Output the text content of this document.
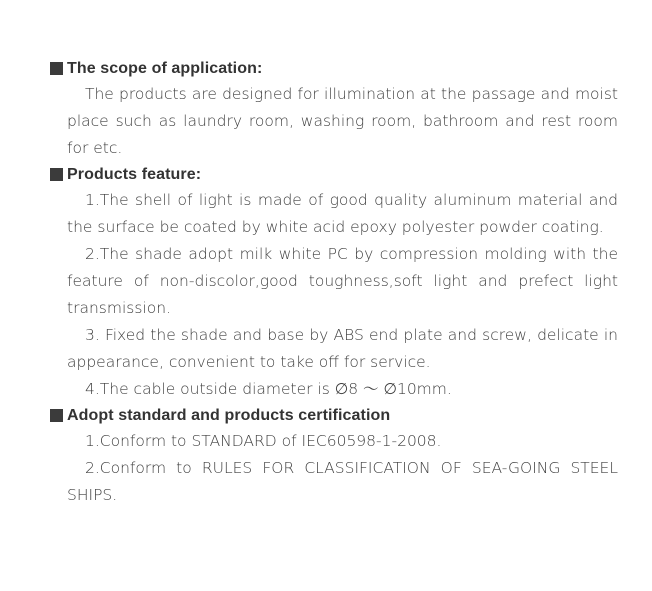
The scope of application:

The products are designed for illumination at the passage and moist place such as laundry room, washing room, bathroom and rest room for etc.

Products feature:

1.The shell of light is made of good quality aluminum material and the surface be coated by white acid epoxy polyester powder coating.

2.The shade adopt milk white PC by compression molding with the feature of non-discolor,good toughness,soft light and prefect light transmission.

3. Fixed the shade and base by ABS end plate and screw, delicate in appearance, convenient to take off for service.

4.The cable outside diameter is ∅8 ～ ∅10mm.

Adopt standard and products certification

1.Conform to STANDARD of IEC60598-1-2008.

2.Conform to RULES FOR CLASSIFICATION OF SEA-GOING STEEL SHIPS.
